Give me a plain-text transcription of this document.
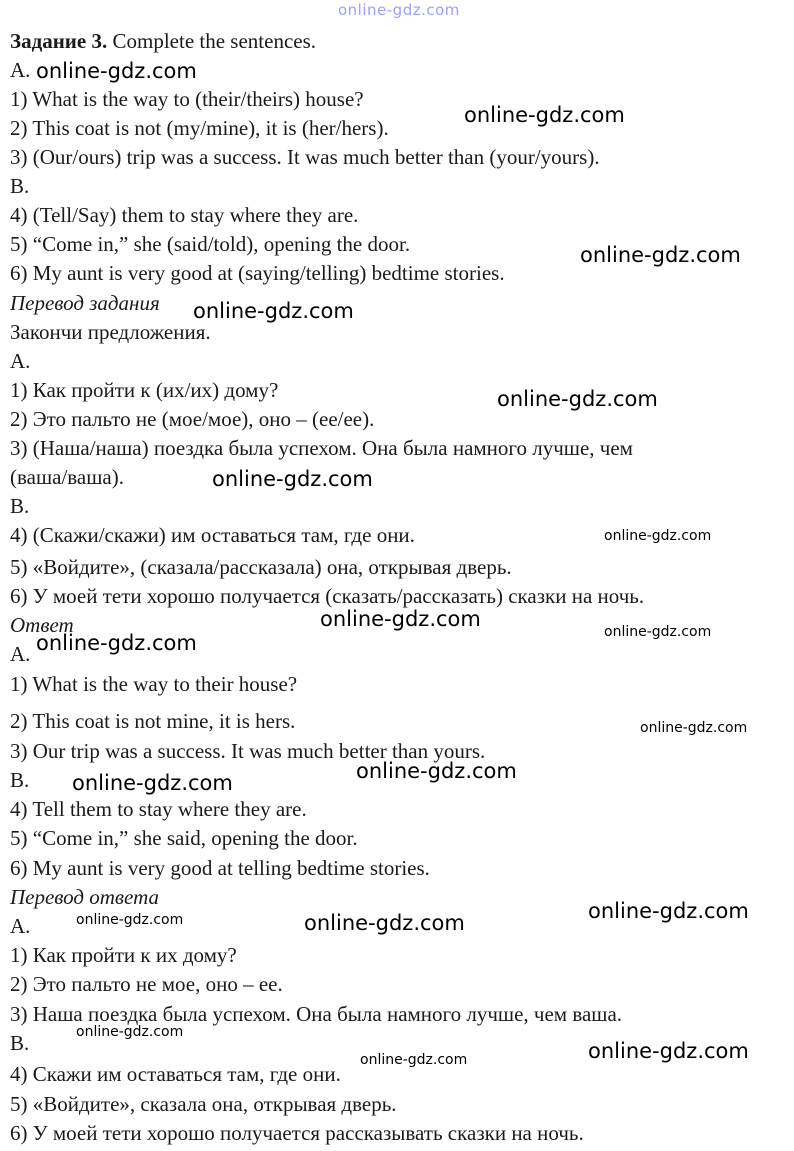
Задание 3. Complete the sentences.
A.
1) What is the way to (their/theirs) house?
2) This coat is not (my/mine), it is (her/hers).
3) (Our/ours) trip was a success. It was much better than (your/yours).
B.
4) (Tell/Say) them to stay where they are.
5) “Come in,” she (said/told), opening the door.
6) My aunt is very good at (saying/telling) bedtime stories.
Перевод задания
Закончи предложения.
A.
1) Как пройти к (их/их) дому?
2) Это пальто не (мое/мое), оно – (ее/ее).
3) (Наша/наша) поездка была успехом. Она была намного лучше, чем
(ваша/ваша).
B.
4) (Скажи/скажи) им оставаться там, где они.
5) «Войдите», (сказала/рассказала) она, открывая дверь.
6) У моей тети хорошо получается (сказать/рассказать) сказки на ночь.
Ответ
A.
1) What is the way to their house?
2) This coat is not mine, it is hers.
3) Our trip was a success. It was much better than yours.
B.
4) Tell them to stay where they are.
5) “Come in,” she said, opening the door.
6) My aunt is very good at telling bedtime stories.
Перевод ответа
A.
1) Как пройти к их дому?
2) Это пальто не мое, оно – ее.
3) Наша поездка была успехом. Она была намного лучше, чем ваша.
B.
4) Скажи им оставаться там, где они.
5) «Войдите», сказала она, открывая дверь.
6) У моей тети хорошо получается рассказывать сказки на ночь.
online-gdz.com
online-gdz.com
online-gdz.com
online-gdz.com
online-gdz.com
online-gdz.com
online-gdz.com
online-gdz.com
online-gdz.com
online-gdz.com
online-gdz.com
online-gdz.com
online-gdz.com
online-gdz.com
online-gdz.com
online-gdz.com	online-gdz.com
online-gdz.com
online-gdz.com
online-gdz.com
